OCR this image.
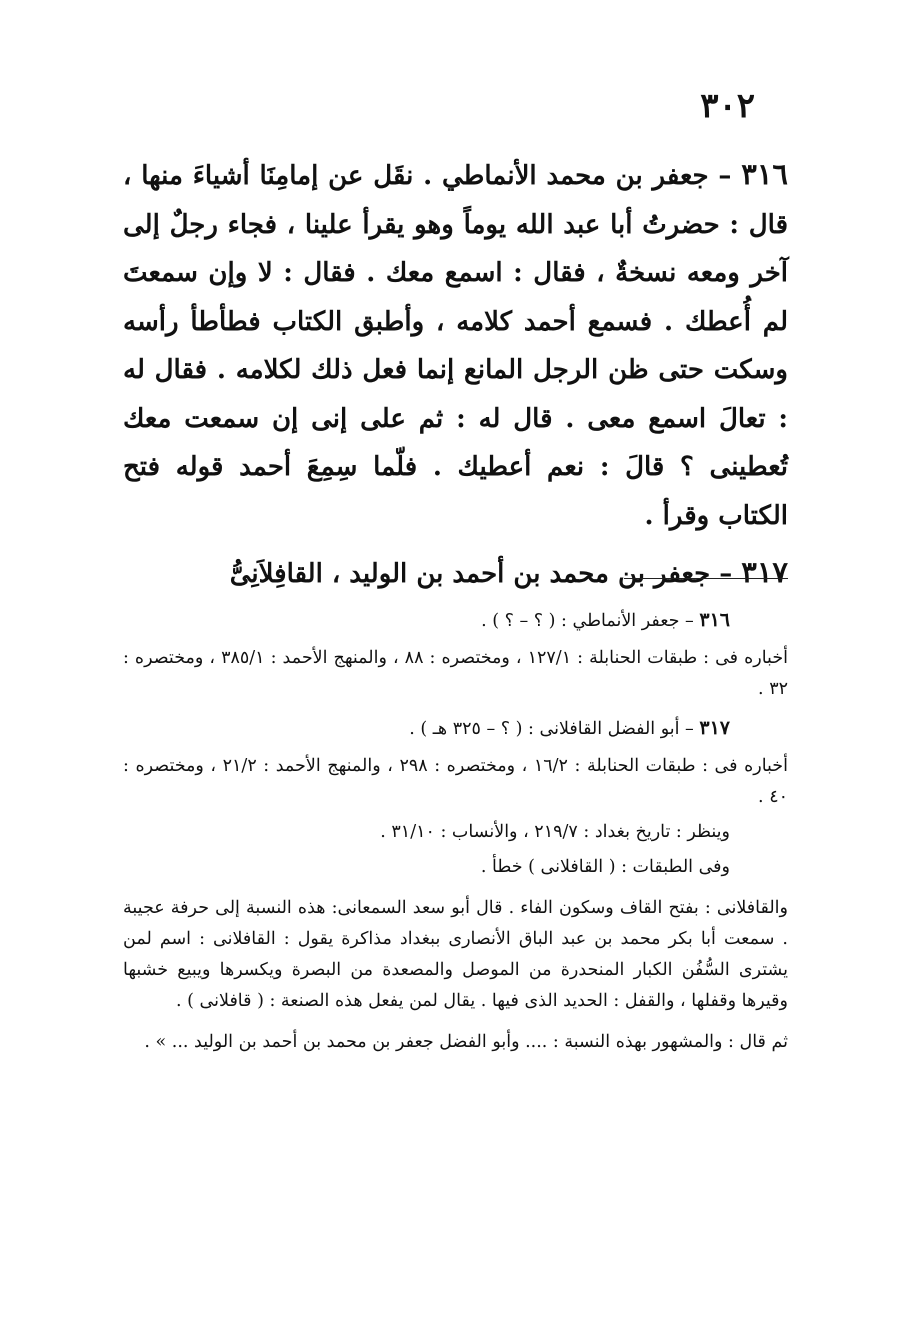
٣٠٢

٣١٦ – جعفر بن محمد الأنماطي . نقَل عن إمامِنَا أشياءَ منها ، قال : حضرتُ أبا عبد الله يوماً وهو يقرأ علينا ، فجاء رجلٌ إلى آخر ومعه نسخةٌ ، فقال : اسمع معك . فقال : لا وإن سمعتَ لم أُعطك . فسمع أحمد كلامه ، وأطبق الكتاب فطأطأ رأسه وسكت حتى ظن الرجل المانع إنما فعل ذلك لكلامه . فقال له : تعالَ اسمع معى . قال له : ثم على إنى إن سمعت معك تُعطينى ؟ قالَ : نعم أعطيك . فلّما سِمِعَ أحمد قوله فتح الكتاب وقرأ .

٣١٧ – جعفر بن محمد بن أحمد بن الوليد ، القافِلاَنِىُّ

٣١٦ – جعفر الأنماطي : ( ؟ – ؟ ) .

أخباره فى : طبقات الحنابلة : ١٢٧/١ ، ومختصره : ٨٨ ، والمنهج الأحمد : ٣٨٥/١ ، ومختصره : ٣٢ .

٣١٧ – أبو الفضل القافلانى : ( ؟ – ٣٢٥ هـ ) .

أخباره فى : طبقات الحنابلة : ١٦/٢ ، ومختصره : ٢٩٨ ، والمنهج الأحمد : ٢١/٢ ، ومختصره : ٤٠ .

وينظر : تاريخ بغداد : ٢١٩/٧ ، والأنساب : ٣١/١٠ .

وفى الطبقات : ( القافلانى ) خطأ .

والقافلانى : بفتح القاف وسكون الفاء . قال أبو سعد السمعانى: هذه النسبة إلى حرفة عجيبة . سمعت أبا بكر محمد بن عبد الباق الأنصارى ببغداد مذاكرة يقول : القافلانى : اسم لمن يشترى السُّفُن الكبار المنحدرة من الموصل والمصعدة من البصرة ويكسرها ويبيع خشبها وقيرها وقفلها ، والقفل : الحديد الذى فيها . يقال لمن يفعل هذه الصنعة : ( قافلانى ) .

ثم قال : والمشهور بهذه النسبة : .... وأبو الفضل جعفر بن محمد بن أحمد بن الوليد ... » .
